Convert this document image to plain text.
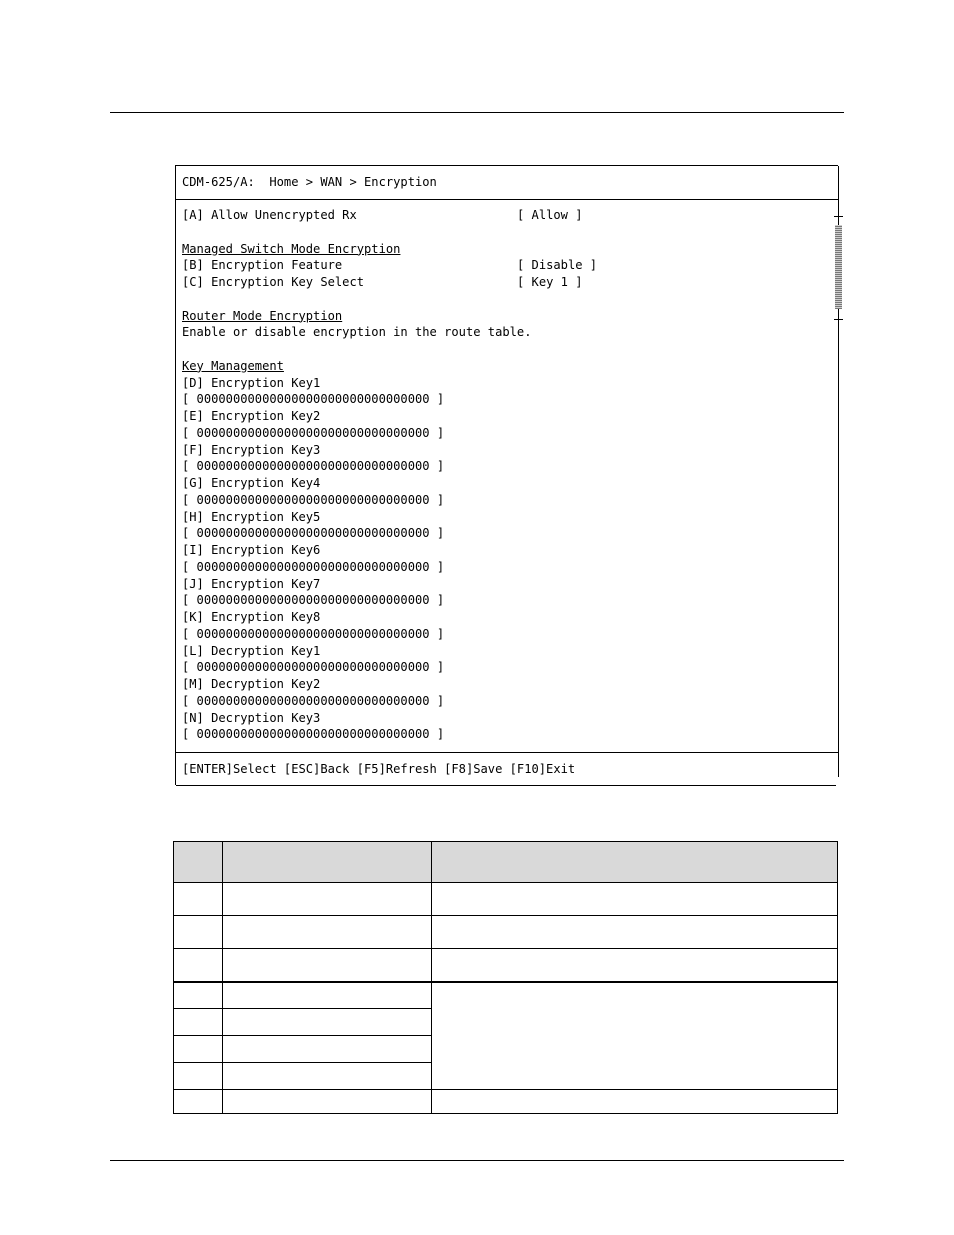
CDM-625/A:  Home > WAN > Encryption
[A] Allow Unencrypted Rx	[ Allow ]
Managed Switch Mode Encryption
[B] Encryption Feature	[ Disable ]
[C] Encryption Key Select	[ Key 1 ]
Router Mode Encryption
Enable or disable encryption in the route table.
Key Management
[D] Encryption Key1
[ 00000000000000000000000000000000 ]
[E] Encryption Key2
[ 00000000000000000000000000000000 ]
[F] Encryption Key3
[ 00000000000000000000000000000000 ]
[G] Encryption Key4
[ 00000000000000000000000000000000 ]
[H] Encryption Key5
[ 00000000000000000000000000000000 ]
[I] Encryption Key6
[ 00000000000000000000000000000000 ]
[J] Encryption Key7
[ 00000000000000000000000000000000 ]
[K] Encryption Key8
[ 00000000000000000000000000000000 ]
[L] Decryption Key1
[ 00000000000000000000000000000000 ]
[M] Decryption Key2
[ 00000000000000000000000000000000 ]
[N] Decryption Key3
[ 00000000000000000000000000000000 ]
[ENTER]Select [ESC]Back [F5]Refresh [F8]Save [F10]Exit
